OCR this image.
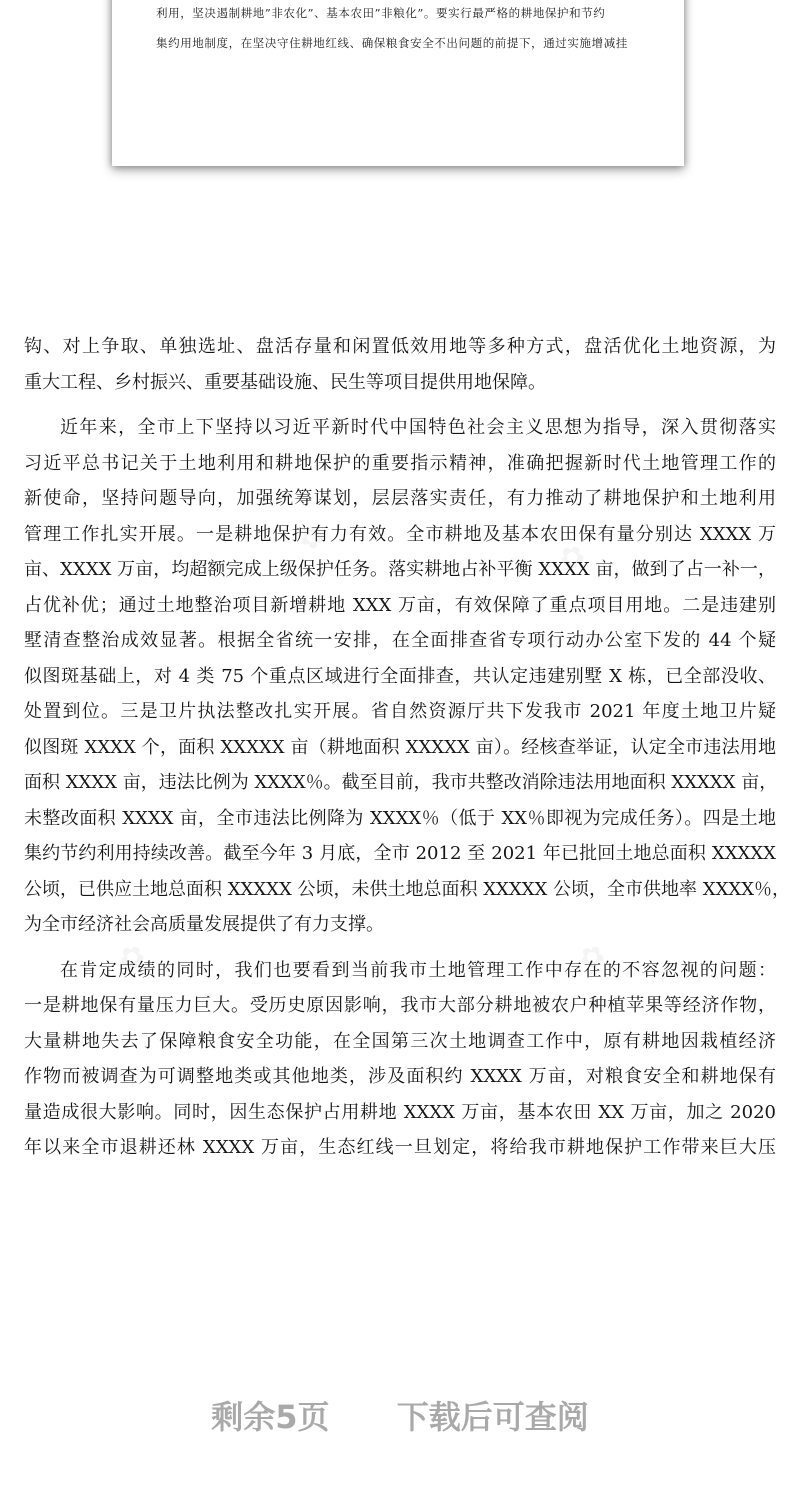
利用，坚决遏制耕地”非农化”、基本农田”非粮化”。要实行最严格的耕地保护和节约
集约用地制度，在坚决守住耕地红线、确保粮食安全不出问题的前提下，通过实施增减挂
钩、对上争取、单独选址、盘活存量和闲置低效用地等多种方式，盘活优化土地资源，为
重大工程、乡村振兴、重要基础设施、民生等项目提供用地保障。
近年来，全市上下坚持以习近平新时代中国特色社会主义思想为指导，深入贯彻落实
习近平总书记关于土地利用和耕地保护的重要指示精神，准确把握新时代土地管理工作的
新使命，坚持问题导向，加强统筹谋划，层层落实责任，有力推动了耕地保护和土地利用
管理工作扎实开展。一是耕地保护有力有效。全市耕地及基本农田保有量分别达 XXXX 万
亩、XXXX 万亩，均超额完成上级保护任务。落实耕地占补平衡 XXXX 亩，做到了占一补一，
占优补优；通过土地整治项目新增耕地 XXX 万亩，有效保障了重点项目用地。二是违建别
墅清查整治成效显著。根据全省统一安排，在全面排查省专项行动办公室下发的 44 个疑
似图斑基础上，对 4 类 75 个重点区域进行全面排查，共认定违建别墅 X 栋，已全部没收、
处置到位。三是卫片执法整改扎实开展。省自然资源厅共下发我市 2021 年度土地卫片疑
似图斑 XXXX 个，面积 XXXXX 亩（耕地面积 XXXXX 亩）。经核查举证，认定全市违法用地
面积 XXXX 亩，违法比例为 XXXX％。截至目前，我市共整改消除违法用地面积 XXXXX 亩，
未整改面积 XXXX 亩，全市违法比例降为 XXXX％（低于 XX％即视为完成任务）。四是土地
集约节约利用持续改善。截至今年 3 月底，全市 2012 至 2021 年已批回土地总面积 XXXXX
公顷，已供应土地总面积 XXXXX 公顷，未供土地总面积 XXXXX 公顷，全市供地率 XXXX％，
为全市经济社会高质量发展提供了有力支撑。
在肯定成绩的同时，我们也要看到当前我市土地管理工作中存在的不容忽视的问题：
一是耕地保有量压力巨大。受历史原因影响，我市大部分耕地被农户种植苹果等经济作物，
大量耕地失去了保障粮食安全功能，在全国第三次土地调查工作中，原有耕地因栽植经济
作物而被调查为可调整地类或其他地类，涉及面积约 XXXX 万亩，对粮食安全和耕地保有
量造成很大影响。同时，因生态保护占用耕地 XXXX 万亩，基本农田 XX 万亩，加之 2020
年以来全市退耕还林 XXXX 万亩，生态红线一旦划定，将给我市耕地保护工作带来巨大压
剩余5页 下载后可查阅
